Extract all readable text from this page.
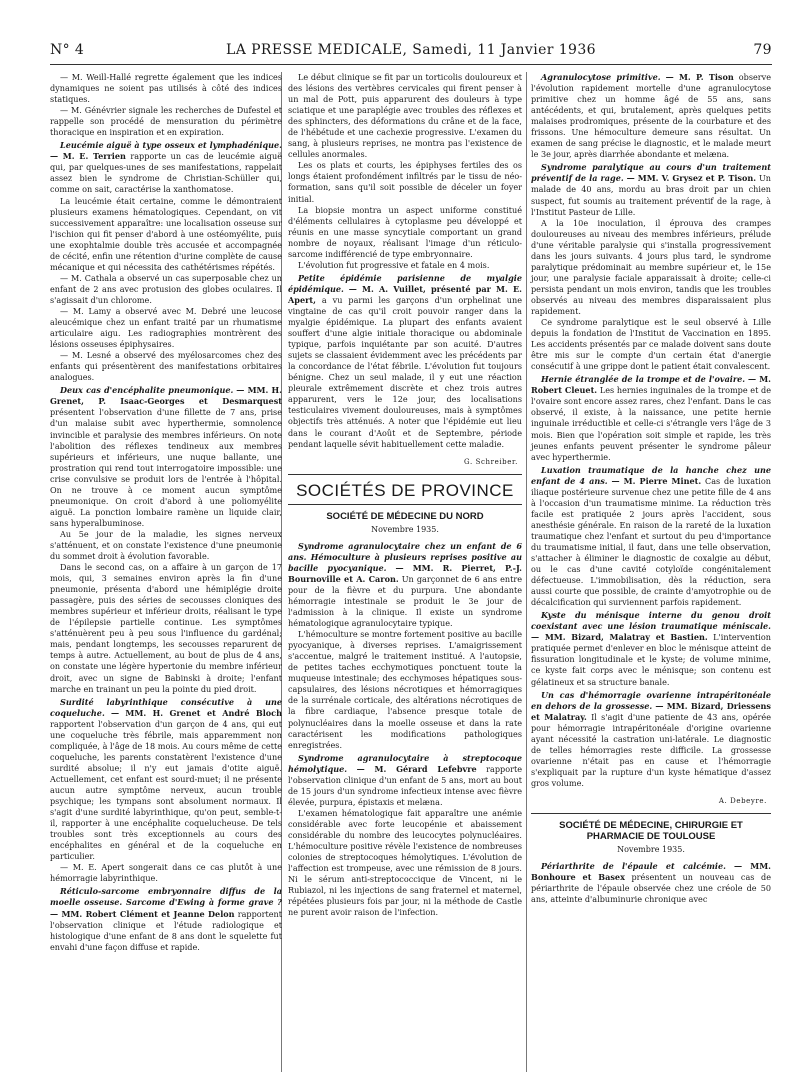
N° 4	LA PRESSE MEDICALE, Samedi, 11 Janvier 1936	79

— M. Weill-Hallé regrette également que les indices dynamiques ne soient pas utilisés à côté des indices statiques.

— M. Génévrier signale les recherches de Dufestel et rappelle son procédé de mensuration du périmètre thoracique en inspiration et en expiration.

Leucémie aiguë à type osseux et lymphadénique. — M. E. Terrien rapporte un cas de leucémie aiguë qui, par quelques-unes de ses manifestations, rappelait assez bien le syndrome de Christian-Schüller qui, comme on sait, caractérise la xanthomatose.

La leucémie était certaine, comme le démontraient plusieurs examens hématologiques. Cependant, on vit successivement apparaître: une localisation osseuse sur l'ischion qui fit penser d'abord à une ostéomyélite, puis une exophtalmie double très accusée et accompagnée de cécité, enfin une rétention d'urine complète de cause mécanique et qui nécessita des cathétérismes répétés.

— M. Cathala a observé un cas superposable chez un enfant de 2 ans avec protusion des globes oculaires. Il s'agissait d'un chlorome.

— M. Lamy a observé avec M. Debré une leucose aleucémique chez un enfant traité par un rhumatisme articulaire aigu. Les radiographies montrèrent des lésions osseuses épiphysaires.

— M. Lesné a observé des myélosarcomes chez des enfants qui présentèrent des manifestations orbitaires analogues.

Deux cas d'encéphalite pneumonique. — MM. H. Grenet, P. Isaac-Georges et Desmarquest présentent l'observation d'une fillette de 7 ans, prise d'un malaise subit avec hyperthermie, somnolence invincible et paralysie des membres inférieurs. On note l'abolition des réflexes tendineux aux membres supérieurs et inférieurs, une nuque ballante, une prostration qui rend tout interrogatoire impossible: une crise convulsive se produit lors de l'entrée à l'hôpital. On ne trouve à ce moment aucun symptôme pneumonique. On croit d'abord à une poliomyélite aiguë. La ponction lombaire ramène un liquide clair, sans hyperalbuminose.

Au 5e jour de la maladie, les signes nerveux s'atténuent, et on constate l'existence d'une pneumonie du sommet droit à évolution favorable.

Dans le second cas, on a affaire à un garçon de 17 mois, qui, 3 semaines environ après la fin d'une pneumonie, présenta d'abord une hémiplégie droite passagère, puis des séries de secousses cloniques des membres supérieur et inférieur droits, réalisant le type de l'épilepsie partielle continue. Les symptômes s'atténuèrent peu à peu sous l'influence du gardénal; mais, pendant longtemps, les secousses reparurent de temps à autre. Actuellement, au bout de plus de 4 ans, on constate une légère hypertonie du membre inférieur droit, avec un signe de Babinski à droite; l'enfant marche en trainant un peu la pointe du pied droit.

Surdité labyrinthique consécutive à une coqueluche. — MM. H. Grenet et André Bloch rapportent l'observation d'un garçon de 4 ans, qui eut une coqueluche très fébrile, mais apparemment non compliquée, à l'âge de 18 mois. Au cours même de cette coqueluche, les parents constatèrent l'existence d'une surdité absolue; il n'y eut jamais d'otite aiguë. Actuellement, cet enfant est sourd-muet; il ne présente aucun autre symptôme nerveux, aucun trouble psychique; les tympans sont absolument normaux. Il s'agit d'une surdité labyrinthique, qu'on peut, semble-t-il, rapporter à une encéphalite coquelucheuse. De tels troubles sont très exceptionnels au cours des encéphalites en général et de la coqueluche en particulier.

— M. E. Apert songerait dans ce cas plutôt à une hémorragie labyrinthique.

Réticulo-sarcome embryonnaire diffus de la moelle osseuse. Sarcome d'Ewing à forme grave ? — MM. Robert Clément et Jeanne Delon rapportent l'observation clinique et l'étude radiologique et histologique d'une enfant de 8 ans dont le squelette fut envahi d'une façon diffuse et rapide.

Le début clinique se fit par un torticolis douloureux et des lésions des vertèbres cervicales qui firent penser à un mal de Pott, puis apparurent des douleurs à type sciatique et une paraplégie avec troubles des réflexes et des sphincters, des déformations du crâne et de la face, de l'hébétude et une cachexie progressive. L'examen du sang, à plusieurs reprises, ne montra pas l'existence de cellules anormales.

Les os plats et courts, les épiphyses fertiles des os longs étaient profondément infiltrés par le tissu de néo-formation, sans qu'il soit possible de déceler un foyer initial.

La biopsie montra un aspect uniforme constitué d'éléments cellulaires à cytoplasme peu développé et réunis en une masse syncytiale comportant un grand nombre de noyaux, réalisant l'image d'un réticulo-sarcome indifférencié de type embryonnaire.

L'évolution fut progressive et fatale en 4 mois.

Petite épidémie parisienne de myalgie épidémique. — M. A. Vuillet, présenté par M. E. Apert, a vu parmi les garçons d'un orphelinat une vingtaine de cas qu'il croit pouvoir ranger dans la myalgie épidémique. La plupart des enfants avaient souffert d'une algie initiale thoracique ou abdominale typique, parfois inquiétante par son acuité. D'autres sujets se classaient évidemment avec les précédents par la concordance de l'état fébrile. L'évolution fut toujours bénigne. Chez un seul malade, il y eut une réaction pleurale extrêmement discrète et chez trois autres apparurent, vers le 12e jour, des localisations testiculaires vivement douloureuses, mais à symptômes objectifs très atténués. A noter que l'épidémie eut lieu dans le courant d'Août et de Septembre, période pendant laquelle sévit habituellement cette maladie.

G. Schreiber.

SOCIÉTÉS DE PROVINCE
SOCIÉTÉ DE MÉDECINE DU NORD
Novembre 1935.

Syndrome agranulocytaire chez un enfant de 6 ans. Hémoculture à plusieurs reprises positive au bacille pyocyanique. — MM. R. Pierret, P.-J. Bournoville et A. Caron. Un garçonnet de 6 ans entre pour de la fièvre et du purpura. Une abondante hémorragie intestinale se produit le 3e jour de l'admission à la clinique. Il existe un syndrome hématologique agranulocytaire typique.

L'hémoculture se montre fortement positive au bacille pyocyanique, à diverses reprises. L'amaigrissement s'accentue, malgré le traitement institué. A l'autopsie, de petites taches ecchymotiques ponctuent toute la muqueuse intestinale; des ecchymoses hépatiques sous-capsulaires, des lésions nécrotiques et hémorragiques de la surrénale corticale, des altérations nécrotiques de la fibre cardiaque, l'absence presque totale de polynucléaires dans la moelle osseuse et dans la rate caractérisent les modifications pathologiques enregistrées.

Syndrome agranulocytaire à streptocoque hémolytique. — M. Gérard Lefebvre rapporte l'observation clinique d'un enfant de 5 ans, mort au bout de 15 jours d'un syndrome infectieux intense avec fièvre élevée, purpura, épistaxis et melæna.

L'examen hématologique fait apparaître une anémie considérable avec forte leucopénie et abaissement considérable du nombre des leucocytes polynucléaires. L'hémoculture positive révèle l'existence de nombreuses colonies de streptocoques hémolytiques. L'évolution de l'affection est trompeuse, avec une rémission de 8 jours. Ni le sérum anti-streptococcique de Vincent, ni le Rubiazol, ni les injections de sang fraternel et maternel, répétées plusieurs fois par jour, ni la méthode de Castle ne purent avoir raison de l'infection.

Agranulocytose primitive. — M. P. Tison observe l'évolution rapidement mortelle d'une agranulocytose primitive chez un homme âgé de 55 ans, sans antécédents, et qui, brutalement, après quelques petits malaises prodromiques, présente de la courbature et des frissons. Une hémoculture demeure sans résultat. Un examen de sang précise le diagnostic, et le malade meurt le 3e jour, après diarrhée abondante et melæna.

Syndrome paralytique au cours d'un traitement préventif de la rage. — MM. V. Grysez et P. Tison. Un malade de 40 ans, mordu au bras droit par un chien suspect, fut soumis au traitement préventif de la rage, à l'Institut Pasteur de Lille.

A la 10e inoculation, il éprouva des crampes douloureuses au niveau des membres inférieurs, prélude d'une véritable paralysie qui s'installa progressivement dans les jours suivants. 4 jours plus tard, le syndrome paralytique prédominait au membre supérieur et, le 15e jour, une paralysie faciale apparaissait à droite; celle-ci persista pendant un mois environ, tandis que les troubles observés au niveau des membres disparaissaient plus rapidement.

Ce syndrome paralytique est le seul observé à Lille depuis la fondation de l'Institut de Vaccination en 1895. Les accidents présentés par ce malade doivent sans doute être mis sur le compte d'un certain état d'anergie consécutif à une grippe dont le patient était convalescent.

Hernie étranglée de la trompe et de l'ovaire. — M. Robert Cleuet. Les hernies inguinales de la trompe et de l'ovaire sont encore assez rares, chez l'enfant. Dans le cas observé, il existe, à la naissance, une petite hernie inguinale irréductible et celle-ci s'étrangle vers l'âge de 3 mois. Bien que l'opération soit simple et rapide, les très jeunes enfants peuvent présenter le syndrome pâleur avec hyperthermie.

Luxation traumatique de la hanche chez une enfant de 4 ans. — M. Pierre Minet. Cas de luxation iliaque postérieure survenue chez une petite fille de 4 ans à l'occasion d'un traumatisme minime. La réduction très facile est pratiquée 2 jours après l'accident, sous anesthésie générale. En raison de la rareté de la luxation traumatique chez l'enfant et surtout du peu d'importance du traumatisme initial, il faut, dans une telle observation, s'attacher à éliminer le diagnostic de coxalgie au début, ou le cas d'une cavité cotyloïde congénitalement défectueuse. L'immobilisation, dès la réduction, sera aussi courte que possible, de crainte d'amyotrophie ou de décalcification qui surviennent parfois rapidement.

Kyste du ménisque interne du genou droit coexistant avec une lésion traumatique méniscale. — MM. Bizard, Malatray et Bastien. L'intervention pratiquée permet d'enlever en bloc le ménisque atteint de fissuration longitudinale et le kyste; de volume minime, ce kyste fait corps avec le ménisque; son contenu est gélatineux et sa structure banale.

Un cas d'hémorragie ovarienne intrapéritonéale en dehors de la grossesse. — MM. Bizard, Driessens et Malatray. Il s'agit d'une patiente de 43 ans, opérée pour hémorragie intrapéritonéale d'origine ovarienne ayant nécessité la castration uni-latérale. Le diagnostic de telles hémorragies reste difficile. La grossesse ovarienne n'était pas en cause et l'hémorragie s'expliquait par la rupture d'un kyste hématique d'assez gros volume.

A. Debeyre.

SOCIÉTÉ DE MÉDECINE, CHIRURGIE ET PHARMACIE DE TOULOUSE
Novembre 1935.

Périarthrite de l'épaule et calcémie. — MM. Bonhoure et Basex présentent un nouveau cas de périarthrite de l'épaule observée chez une créole de 50 ans, atteinte d'albuminurie chronique avec
